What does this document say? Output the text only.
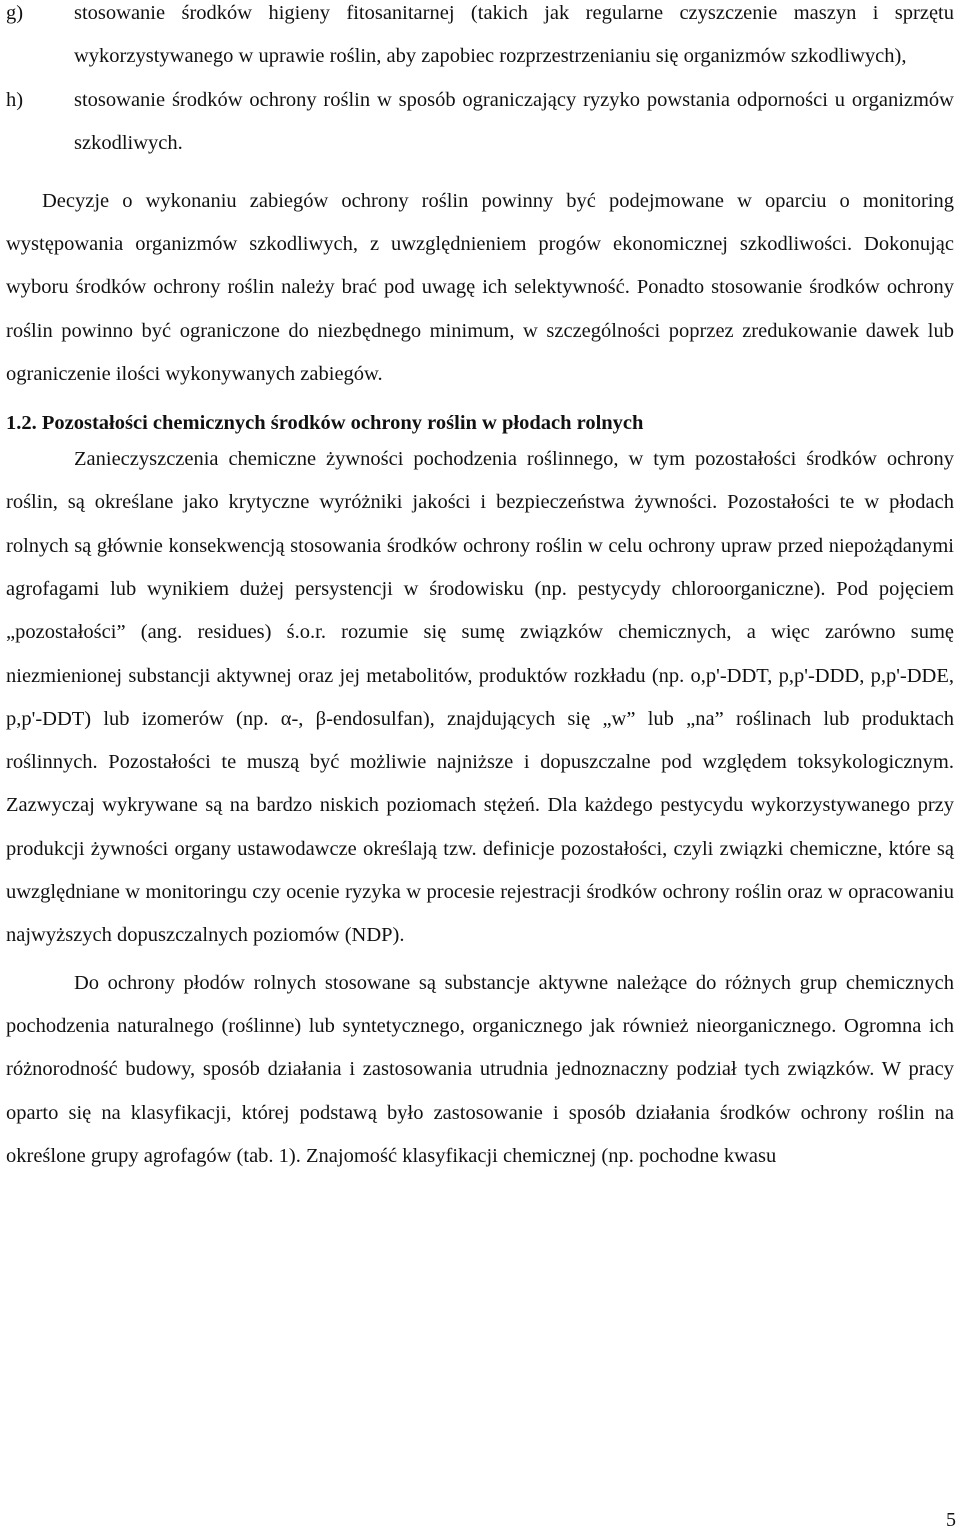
g) stosowanie środków higieny fitosanitarnej (takich jak regularne czyszczenie maszyn i sprzętu wykorzystywanego w uprawie roślin, aby zapobiec rozprzestrzenianiu się organizmów szkodliwych),
h) stosowanie środków ochrony roślin w sposób ograniczający ryzyko powstania odporności u organizmów szkodliwych.

Decyzje o wykonaniu zabiegów ochrony roślin powinny być podejmowane w oparciu o monitoring występowania organizmów szkodliwych, z uwzględnieniem progów ekonomicznej szkodliwości. Dokonując wyboru środków ochrony roślin należy brać pod uwagę ich selektywność. Ponadto stosowanie środków ochrony roślin powinno być ograniczone do niezbędnego minimum, w szczególności poprzez zredukowanie dawek lub ograniczenie ilości wykonywanych zabiegów.

1.2. Pozostałości chemicznych środków ochrony roślin w płodach rolnych

Zanieczyszczenia chemiczne żywności pochodzenia roślinnego, w tym pozostałości środków ochrony roślin, są określane jako krytyczne wyróżniki jakości i bezpieczeństwa żywności. Pozostałości te w płodach rolnych są głównie konsekwencją stosowania środków ochrony roślin w celu ochrony upraw przed niepożądanymi agrofagami lub wynikiem dużej persystencji w środowisku (np. pestycydy chloroorganiczne). Pod pojęciem „pozostałości” (ang. residues) ś.o.r. rozumie się sumę związków chemicznych, a więc zarówno sumę niezmienionej substancji aktywnej oraz jej metabolitów, produktów rozkładu (np. o,p'-DDT, p,p'-DDD, p,p'-DDE, p,p'-DDT) lub izomerów (np. α-, β-endosulfan), znajdujących się „w” lub „na” roślinach lub produktach roślinnych. Pozostałości te muszą być możliwie najniższe i dopuszczalne pod względem toksykologicznym. Zazwyczaj wykrywane są na bardzo niskich poziomach stężeń. Dla każdego pestycydu wykorzystywanego przy produkcji żywności organy ustawodawcze określają tzw. definicje pozostałości, czyli związki chemiczne, które są uwzględniane w monitoringu czy ocenie ryzyka w procesie rejestracji środków ochrony roślin oraz w opracowaniu najwyższych dopuszczalnych poziomów (NDP).

Do ochrony płodów rolnych stosowane są substancje aktywne należące do różnych grup chemicznych pochodzenia naturalnego (roślinne) lub syntetycznego, organicznego jak również nieorganicznego. Ogromna ich różnorodność budowy, sposób działania i zastosowania utrudnia jednoznaczny podział tych związków. W pracy oparto się na klasyfikacji, której podstawą było zastosowanie i sposób działania środków ochrony roślin na określone grupy agrofagów (tab. 1). Znajomość klasyfikacji chemicznej (np. pochodne kwasu

5
